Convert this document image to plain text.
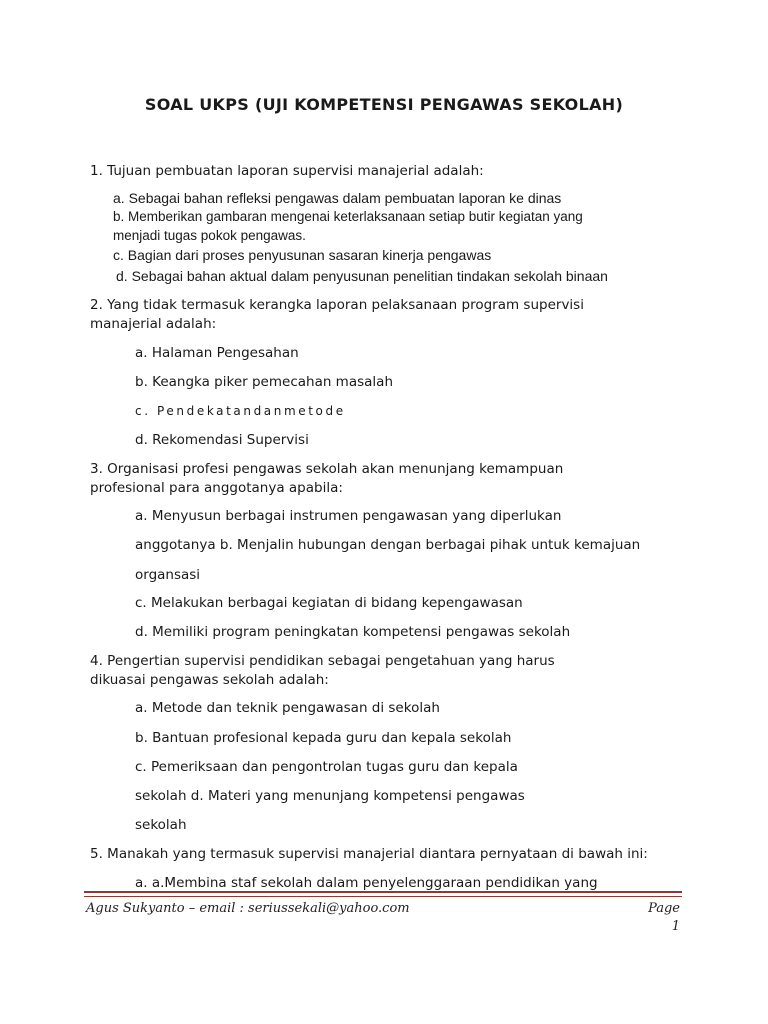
SOAL UKPS (UJI KOMPETENSI PENGAWAS SEKOLAH)
1. Tujuan pembuatan laporan supervisi manajerial adalah:
a. Sebagai bahan refleksi pengawas dalam pembuatan laporan ke dinas
b. Memberikan gambaran mengenai keterlaksanaan setiap butir kegiatan yang
menjadi tugas pokok pengawas.
c. Bagian dari proses penyusunan sasaran kinerja pengawas
d. Sebagai bahan aktual dalam penyusunan penelitian tindakan sekolah binaan
2. Yang tidak termasuk kerangka laporan pelaksanaan program supervisi
manajerial adalah:
a. Halaman Pengesahan
b. Keangka piker pemecahan masalah
c. Pendekatandanmetode
d. Rekomendasi Supervisi
3. Organisasi profesi pengawas sekolah akan menunjang kemampuan
profesional para anggotanya apabila:
a. Menyusun berbagai instrumen pengawasan yang diperlukan
anggotanya b. Menjalin hubungan dengan berbagai pihak untuk kemajuan
organsasi
c. Melakukan berbagai kegiatan di bidang kepengawasan
d. Memiliki program peningkatan kompetensi pengawas sekolah
4. Pengertian supervisi pendidikan sebagai pengetahuan yang harus
dikuasai pengawas sekolah adalah:
a. Metode dan teknik pengawasan di sekolah
b. Bantuan profesional kepada guru dan kepala sekolah
c. Pemeriksaan dan pengontrolan tugas guru dan kepala
sekolah d. Materi yang menunjang kompetensi pengawas
sekolah
5. Manakah yang termasuk supervisi manajerial diantara pernyataan di bawah ini:
a. a.Membina staf sekolah dalam penyelenggaraan pendidikan yang
Agus Sukyanto – email : seriussekali@yahoo.com	Page 1
